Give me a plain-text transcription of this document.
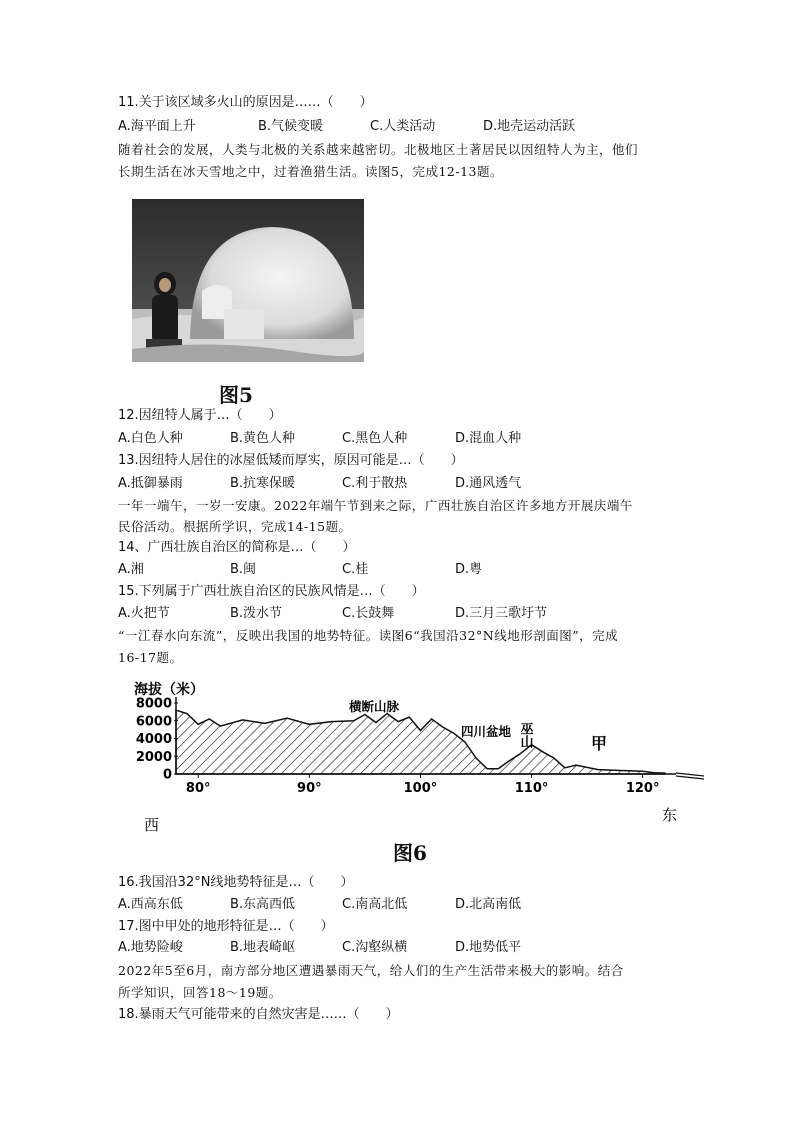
11.关于该区域多火山的原因是……（　　）
A.海平面上升	B.气候变暖	C.人类活动	D.地壳运动活跃
随着社会的发展，人类与北极的关系越来越密切。北极地区土著居民以因纽特人为主，他们
长期生活在冰天雪地之中，过着渔猎生活。读图5，完成12-13题。
图5
12.因纽特人属于…（　　）
A.白色人种	B.黄色人种	C.黑色人种	D.混血人种
13.因纽特人居住的冰屋低矮而厚实，原因可能是…（　　）
A.抵御暴雨	B.抗寒保暖	C.利于散热	D.通风透气
一年一端午，一岁一安康。2022年端午节到来之际，广西壮族自治区许多地方开展庆端午
民俗活动。根据所学识，完成14-15题。
14、广西壮族自治区的简称是…（　　）
A.湘	B.闽	C.桂	D.粤
15.下列属于广西壮族自治区的民族风情是…（　　）
A.火把节	B.泼水节	C.长鼓舞	D.三月三歌圩节
“一江春水向东流”，反映出我国的地势特征。读图6“我国沿32°N线地形剖面图”，完成
16-17题。
海拔（米）
8000
6000
4000
2000
0
80°	90°	100°	110°	120°
横断山脉
四川盆地 巫山	甲
西
东
图6
16.我国沿32°N线地势特征是…（　　）
A.西高东低	B.东高西低	C.南高北低	D.北高南低
17.图中甲处的地形特征是…（　　）
A.地势险峻	B.地表崎岖	C.沟壑纵横	D.地势低平
2022年5至6月，南方部分地区遭遇暴雨天气，给人们的生产生活带来极大的影响。结合
所学知识，回答18～19题。
18.暴雨天气可能带来的自然灾害是……（　　）
